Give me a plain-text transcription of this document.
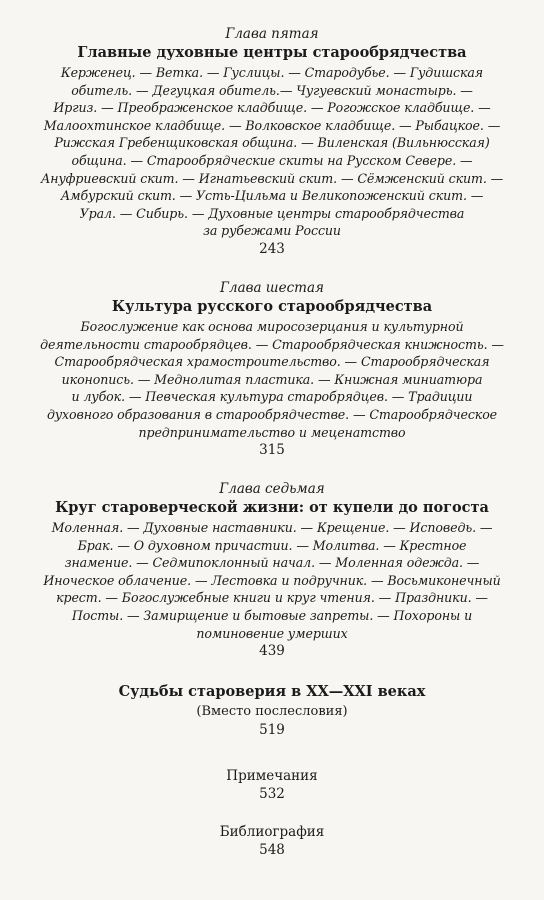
Глава пятая
Главные духовные центры старообрядчества
Керженец. — Ветка. — Гуслицы. — Стародубье. — Гудишская
обитель. — Дегуцкая обитель.— Чугуевский монастырь. —
Иргиз. — Преображенское кладбище. — Рогожское кладбище. —
Малоохтинское кладбище. — Волковское кладбище. — Рыбацкое. —
Рижская Гребенщиковская община. — Виленская (Вильнюсская)
община. — Старообрядческие скиты на Русском Севере. —
Ануфриевский скит. — Игнатьевский скит. — Сёмженский скит. —
Амбурский скит. — Усть-Цильма и Великопоженский скит. —
Урал. — Сибирь. — Духовные центры старообрядчества
за рубежами России
243
Глава шестая
Культура русского старообрядчества
Богослужение как основа миросозерцания и культурной
деятельности старообрядцев. — Старообрядческая книжность. —
Старообрядческая храмостроительство. — Старообрядческая
иконопись. — Меднолитая пластика. — Книжная миниатюра
и лубок. — Певческая культура старобрядцев. — Традиции
духовного образования в старообрядчестве. — Старообрядческое
предпринимательство и меценатство
315
Глава седьмая
Круг староверческой жизни: от купели до погоста
Моленная. — Духовные наставники. — Крещение. — Исповедь. —
Брак. — О духовном причастии. — Молитва. — Крестное
знамение. — Седмипоклонный начал. — Моленная одежда. —
Иноческое облачение. — Лестовка и подручник. — Восьмиконечный
крест. — Богослужебные книги и круг чтения. — Праздники. —
Посты. — Замирщение и бытовые запреты. — Похороны и
поминовение умерших
439
Судьбы староверия в XX—XXI веках
(Вместо послесловия)
519
Примечания
532
Библиография
548
